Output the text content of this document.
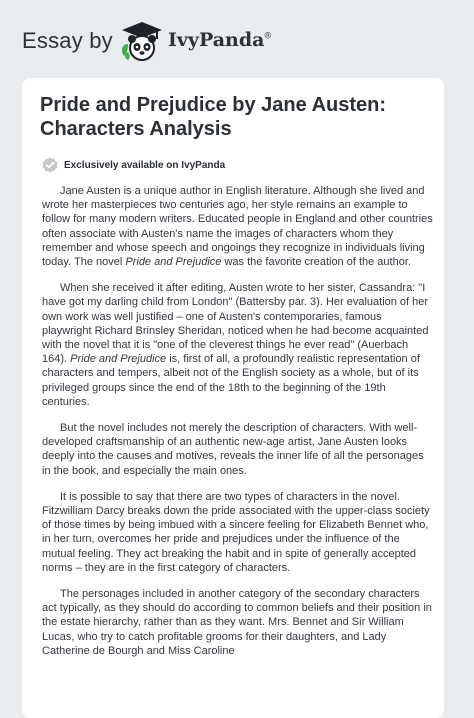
Essay by	IvyPanda®
Pride and Prejudice by Jane Austen: Characters Analysis
Exclusively available on IvyPanda

Jane Austen is a unique author in English literature. Although she lived and wrote her masterpieces two centuries ago, her style remains an example to follow for many modern writers. Educated people in England and other countries often associate with Austen's name the images of characters whom they remember and whose speech and ongoings they recognize in individuals living today. The novel Pride and Prejudice was the favorite creation of the author.

When she received it after editing, Austen wrote to her sister, Cassandra: "I have got my darling child from London" (Battersby par. 3). Her evaluation of her own work was well justified – one of Austen's contemporaries, famous playwright Richard Brinsley Sheridan, noticed when he had become acquainted with the novel that it is "one of the cleverest things he ever read" (Auerbach 164). Pride and Prejudice is, first of all, a profoundly realistic representation of characters and tempers, albeit not of the English society as a whole, but of its privileged groups since the end of the 18th to the beginning of the 19th centuries.

But the novel includes not merely the description of characters. With well-developed craftsmanship of an authentic new-age artist, Jane Austen looks deeply into the causes and motives, reveals the inner life of all the personages in the book, and especially the main ones.

It is possible to say that there are two types of characters in the novel. Fitzwilliam Darcy breaks down the pride associated with the upper-class society of those times by being imbued with a sincere feeling for Elizabeth Bennet who, in her turn, overcomes her pride and prejudices under the influence of the mutual feeling. They act breaking the habit and in spite of generally accepted norms – they are in the first category of characters.

The personages included in another category of the secondary characters act typically, as they should do according to common beliefs and their position in the estate hierarchy, rather than as they want. Mrs. Bennet and Sir William Lucas, who try to catch profitable grooms for their daughters, and Lady Catherine de Bourgh and Miss Caroline
